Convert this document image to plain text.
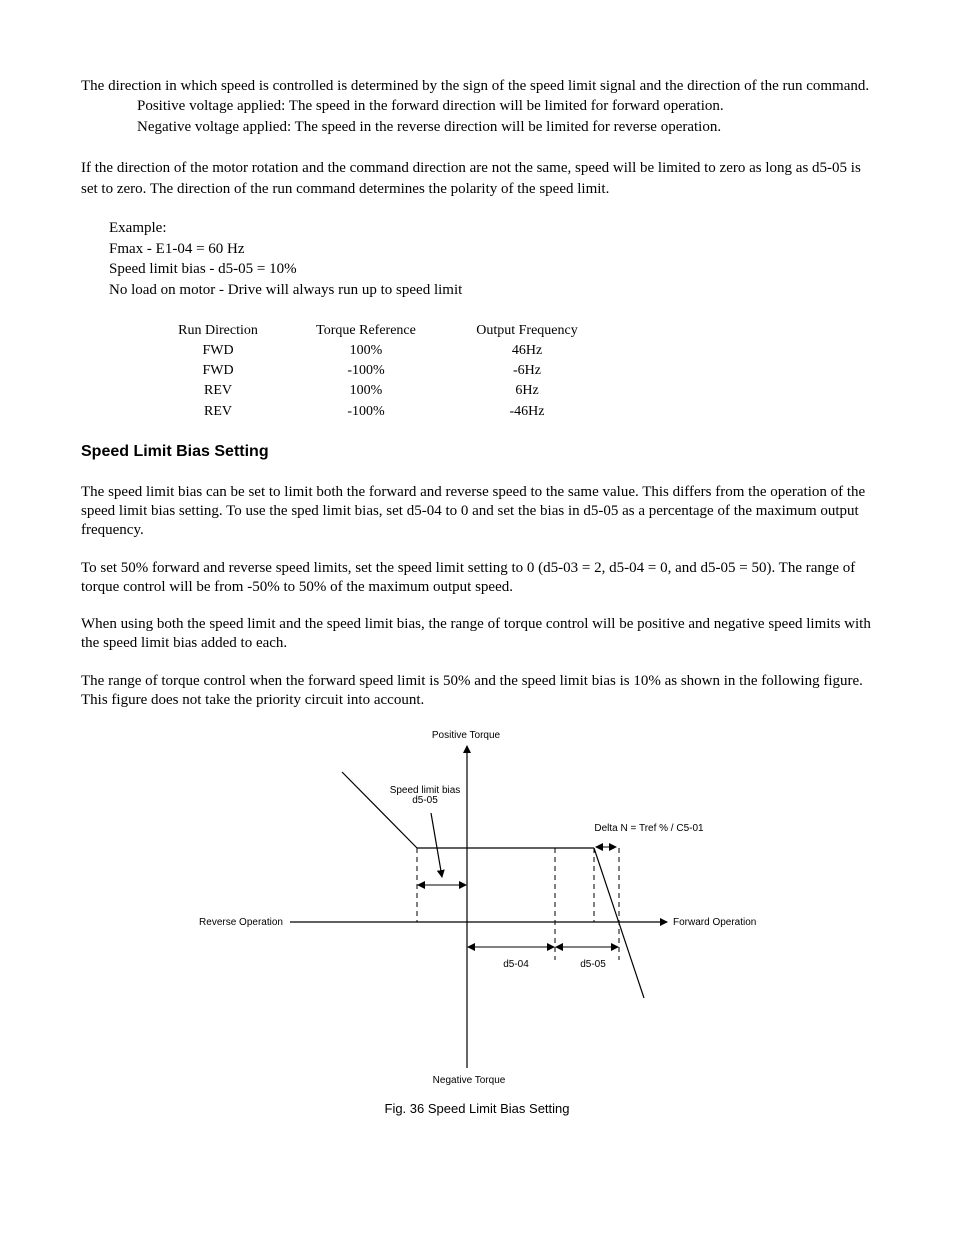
The direction in which speed is controlled is determined by the sign of the speed limit signal and the direction of the run command.

Positive voltage applied: The speed in the forward direction will be limited for forward operation.

Negative voltage applied: The speed in the reverse direction will be limited for reverse operation.

If the direction of the motor rotation and the command direction are not the same, speed will be limited to zero as long as d5-05 is set to zero. The direction of the run command determines the polarity of the speed limit.

Example:

Fmax - E1-04 = 60 Hz

Speed limit bias - d5-05 = 10%

No load on motor - Drive will always run up to speed limit

Run Direction	Torque Reference	Output Frequency
FWD	100%	46Hz
FWD	-100%	-6Hz
REV	100%	6Hz
REV	-100%	-46Hz
Speed Limit Bias Setting

The speed limit bias can be set to limit both the forward and reverse speed to the same value. This differs from the operation of the speed limit bias setting. To use the sped limit bias, set d5-04 to 0 and set the bias in d5-05 as a percentage of the maximum output frequency.

To set 50% forward and reverse speed limits, set the speed limit setting to 0 (d5-03 = 2, d5-04 = 0, and d5-05 = 50). The range of torque control will be from -50% to 50% of the maximum output speed.

When using both the speed limit and the speed limit bias, the range of torque control will be positive and negative speed limits with the speed limit bias added to each.

The range of torque control when the forward speed limit is 50% and the speed limit bias is 10% as shown in the following figure. This figure does not take the priority circuit into account.

Positive Torque
Negative Torque
Reverse Operation	Forward Operation
Speed limit bias
d5-05
Delta N = Tref % / C5-01
d5-04	d5-05
Fig. 36 Speed Limit Bias Setting
